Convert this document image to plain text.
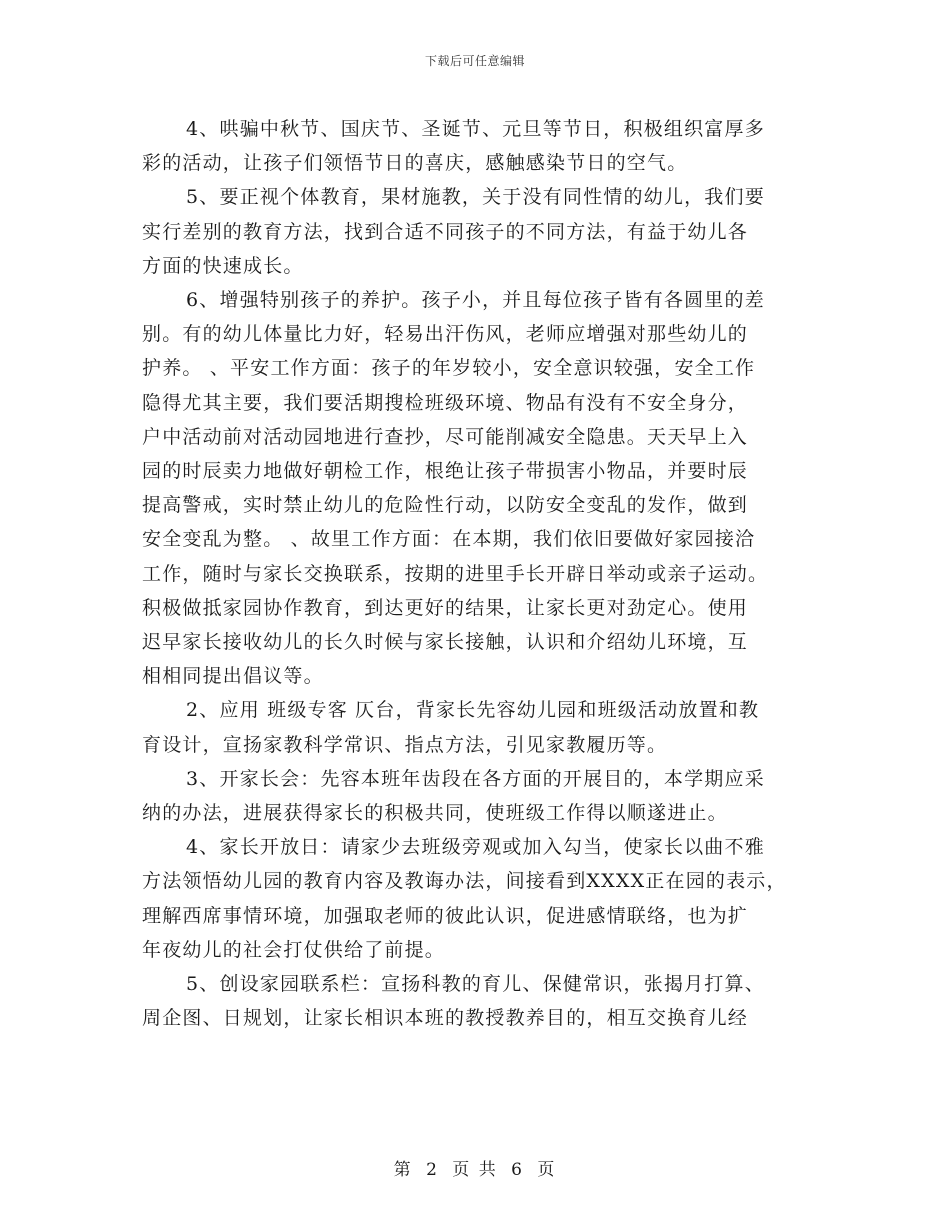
下载后可任意编辑

4、哄骗中秋节、国庆节、圣诞节、元旦等节日，积极组织富厚多
彩的活动，让孩子们领悟节日的喜庆，感触感染节日的空气。

5、要正视个体教育，果材施教，关于没有同性情的幼儿，我们要
实行差别的教育方法，找到合适不同孩子的不同方法，有益于幼儿各
方面的快速成长。

6、增强特别孩子的养护。孩子小，并且每位孩子皆有各圆里的差
别。有的幼儿体量比力好，轻易出汗伤风，老师应增强对那些幼儿的
护养。 、平安工作方面：孩子的年岁较小，安全意识较强，安全工作
隐得尤其主要，我们要活期搜检班级环境、物品有没有不安全身分，
户中活动前对活动园地进行查抄，尽可能削减安全隐患。天天早上入
园的时辰卖力地做好朝检工作，根绝让孩子带损害小物品，并要时辰
提高警戒，实时禁止幼儿的危险性行动，以防安全变乱的发作，做到
安全变乱为整。 、故里工作方面：在本期，我们依旧要做好家园接洽
工作，随时与家长交换联系，按期的进里手长开辟日举动或亲子运动。
积极做抵家园协作教育，到达更好的结果，让家长更对劲定心。使用
迟早家长接收幼儿的长久时候与家长接触，认识和介绍幼儿环境，互
相相同提出倡议等。

2、应用 班级专客 仄台，背家长先容幼儿园和班级活动放置和教
育设计，宣扬家教科学常识、指点方法，引见家教履历等。

3、开家长会：先容本班年齿段在各方面的开展目的，本学期应采
纳的办法，进展获得家长的积极共同，使班级工作得以顺遂进止。

4、家长开放日：请家少去班级旁观或加入勾当，使家长以曲不雅
方法领悟幼儿园的教育内容及教诲办法，间接看到XXXX正在园的表示，
理解西席事情环境，加强取老师的彼此认识，促进感情联络，也为扩
年夜幼儿的社会打仗供给了前提。

5、创设家园联系栏：宣扬科教的育儿、保健常识，张揭月打算、
周企图、日规划，让家长相识本班的教授教养目的，相互交换育儿经

第 2 页 共 6 页
